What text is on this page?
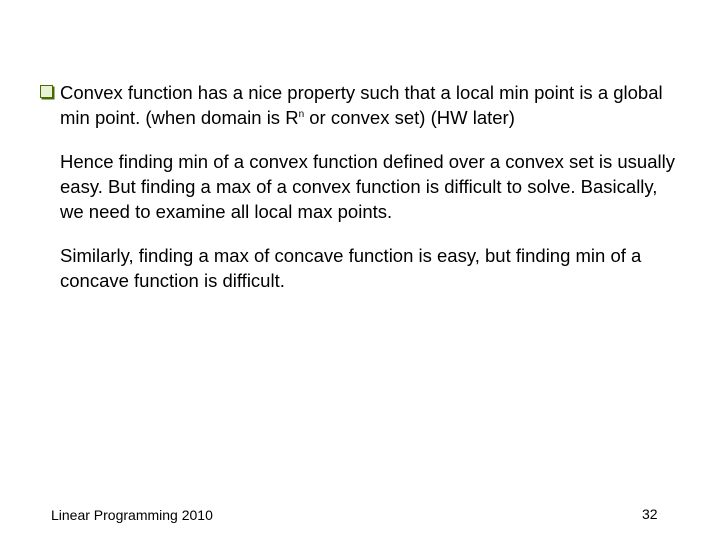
Convex function has a nice property such that a local min point is a global min point. (when domain is $R^n$ or convex set) (HW later)

Hence finding min of a convex function defined over a convex set is usually easy. But finding a max of a convex function is difficult to solve. Basically, we need to examine all local max points.

Similarly, finding a max of concave function is easy, but finding min of a concave function is difficult.

Linear Programming 2010	32
